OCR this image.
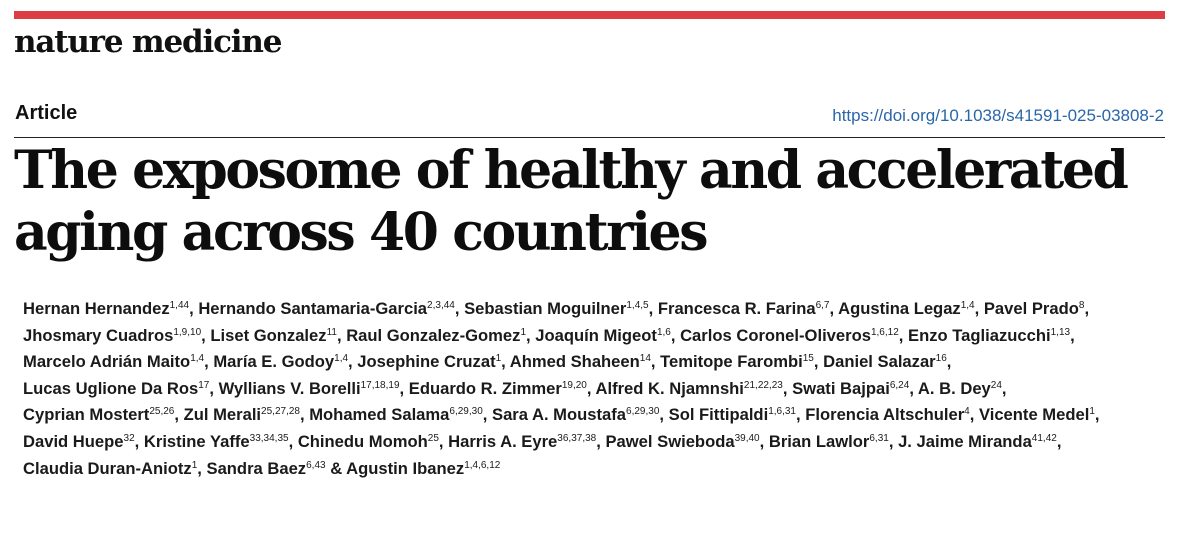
nature medicine
Article	https://doi.org/10.1038/s41591-025-03808-2
The exposome of healthy and accelerated aging across 40 countries

Hernan Hernandez$^{1,44}$, Hernando Santamaria-Garcia$^{2,3,44}$, Sebastian Moguilner$^{1,4,5}$, Francesca R. Farina$^{6,7}$, Agustina Legaz$^{1,4}$, Pavel Prado$^8$, Jhosmary Cuadros$^{1,9,10}$, Liset Gonzalez$^{11}$, Raul Gonzalez-Gomez$^1$, Joaquín Migeot$^{1,6}$, Carlos Coronel-Oliveros$^{1,6,12}$, Enzo Tagliazucchi$^{1,13}$, Marcelo Adrián Maito$^{1,4}$, María E. Godoy$^{1,4}$, Josephine Cruzat$^1$, Ahmed Shaheen$^{14}$, Temitope Farombi$^{15}$, Daniel Salazar$^{16}$, Lucas Uglione Da Ros$^{17}$, Wyllians V. Borelli$^{17,18,19}$, Eduardo R. Zimmer$^{19,20}$, Alfred K. Njamnshi$^{21,22,23}$, Swati Bajpai$^{6,24}$, A. B. Dey$^{24}$, Cyprian Mostert$^{25,26}$, Zul Merali$^{25,27,28}$, Mohamed Salama$^{6,29,30}$, Sara A. Moustafa$^{6,29,30}$, Sol Fittipaldi$^{1,6,31}$, Florencia Altschuler$^4$, Vicente Medel$^1$, David Huepe$^{32}$, Kristine Yaffe$^{33,34,35}$, Chinedu Momoh$^{25}$, Harris A. Eyre$^{36,37,38}$, Pawel Swieboda$^{39,40}$, Brian Lawlor$^{6,31}$, J. Jaime Miranda$^{41,42}$, Claudia Duran-Aniotz$^1$, Sandra Baez$^{6,43}$ & Agustin Ibanez$^{1,4,6,12}$
